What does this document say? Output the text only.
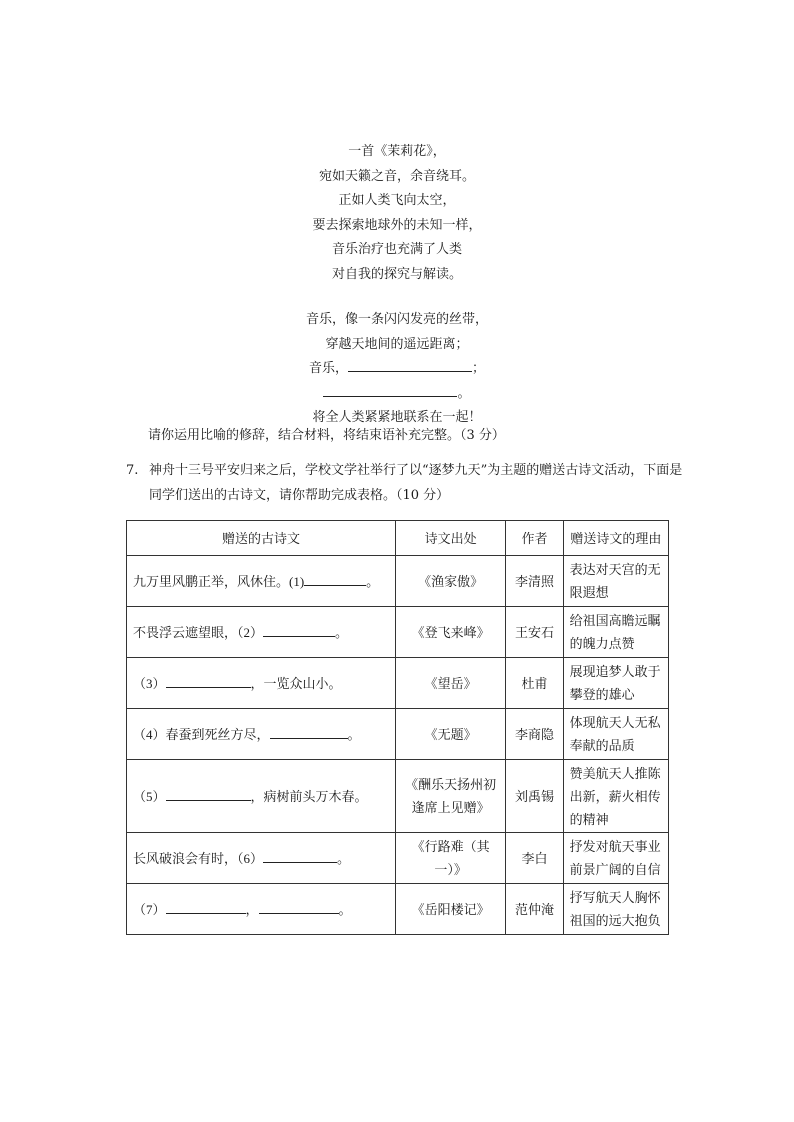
一首《茉莉花》，
宛如天籁之音，余音绕耳。
正如人类飞向太空，
要去探索地球外的未知一样，
音乐治疗也充满了人类
对自我的探究与解读。
音乐，像一条闪闪发亮的丝带，
穿越天地间的遥远距离；
音乐，	；
。
将全人类紧紧地联系在一起！
请你运用比喻的修辞，结合材料，将结束语补充完整。（3 分）
7. 神舟十三号平安归来之后，学校文学社举行了以“逐梦九天”为主题的赠送古诗文活动，下面是同学们送出的古诗文，请你帮助完成表格。（10 分）
赠送的古诗文	诗文出处	作者	赠送诗文的理由
九万里风鹏正举，风休住。(1) 。	《渔家傲》	李清照	表达对天宫的无限遐想
不畏浮云遮望眼，（2） 。	《登飞来峰》	王安石	给祖国高瞻远瞩的魄力点赞
（3） ，一览众山小。	《望岳》	杜甫	展现追梦人敢于攀登的雄心
（4）春蚕到死丝方尽， 。	《无题》	李商隐	体现航天人无私奉献的品质
（5） ，病树前头万木春。	《酬乐天扬州初逢席上见赠》	刘禹锡	赞美航天人推陈出新，薪火相传的精神
长风破浪会有时，（6） 。	《行路难（其一）》	李白	抒发对航天事业前景广阔的自信
（7） ， 。	《岳阳楼记》	范仲淹	抒写航天人胸怀祖国的远大抱负
